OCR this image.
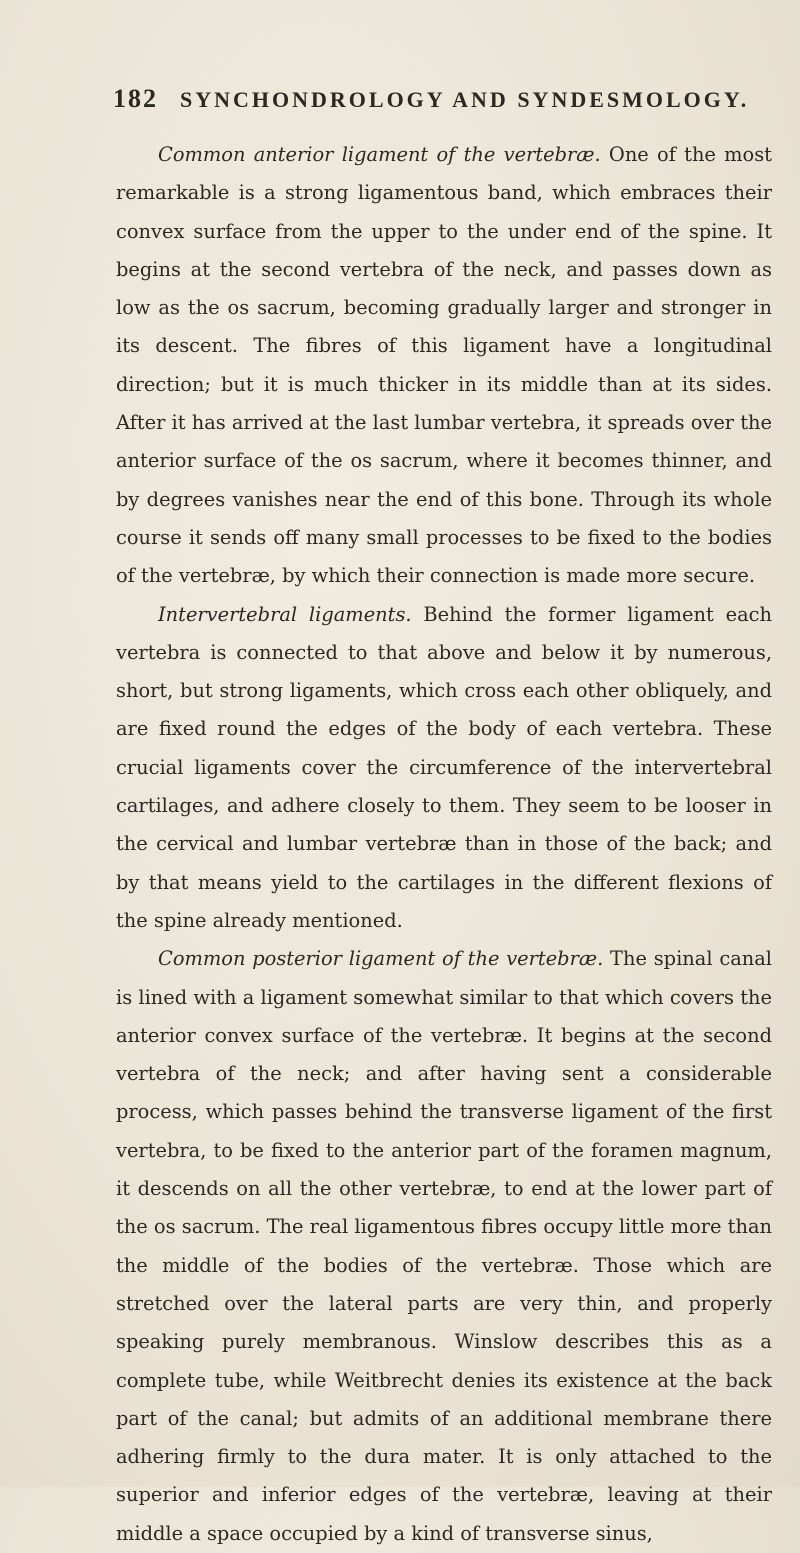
182 SYNCHONDROLOGY AND SYNDESMOLOGY.

Common anterior ligament of the vertebræ. One of the most remarkable is a strong ligamentous band, which embraces their convex surface from the upper to the under end of the spine. It begins at the second vertebra of the neck, and passes down as low as the os sacrum, becoming gradually larger and stronger in its descent. The fibres of this ligament have a longitudinal direction; but it is much thicker in its middle than at its sides. After it has arrived at the last lumbar vertebra, it spreads over the anterior surface of the os sacrum, where it becomes thinner, and by degrees vanishes near the end of this bone. Through its whole course it sends off many small processes to be fixed to the bodies of the vertebræ, by which their connection is made more secure.

Intervertebral ligaments. Behind the former ligament each vertebra is connected to that above and below it by numerous, short, but strong ligaments, which cross each other obliquely, and are fixed round the edges of the body of each vertebra. These crucial ligaments cover the circumference of the intervertebral cartilages, and adhere closely to them. They seem to be looser in the cervical and lumbar vertebræ than in those of the back; and by that means yield to the cartilages in the different flexions of the spine already mentioned.

Common posterior ligament of the vertebræ. The spinal canal is lined with a ligament somewhat similar to that which covers the anterior convex surface of the vertebræ. It begins at the second vertebra of the neck; and after having sent a considerable process, which passes behind the transverse ligament of the first vertebra, to be fixed to the anterior part of the foramen magnum, it descends on all the other vertebræ, to end at the lower part of the os sacrum. The real ligamentous fibres occupy little more than the middle of the bodies of the vertebræ. Those which are stretched over the lateral parts are very thin, and properly speaking purely membranous. Winslow describes this as a complete tube, while Weitbrecht denies its existence at the back part of the canal; but admits of an additional membrane there adhering firmly to the dura mater. It is only attached to the superior and inferior edges of the vertebræ, leaving at their middle a space occupied by a kind of transverse sinus,
